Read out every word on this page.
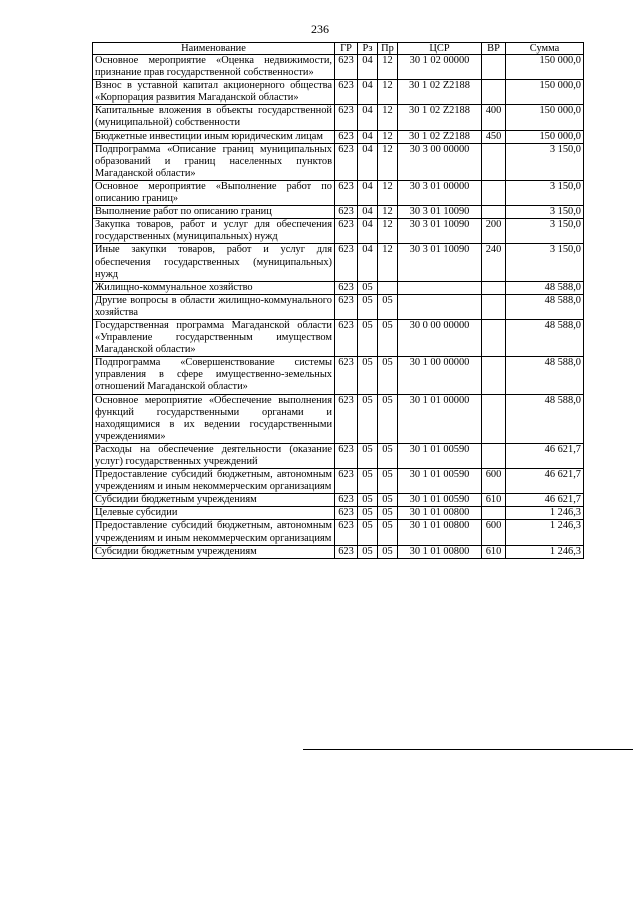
236
Наименование	ГР	Рз	Пр	ЦСР	ВР	Сумма
Основное мероприятие «Оценка недвижимости, признание прав государственной собственности»	623	04	12	30 1 02 00000		150 000,0
Взнос в уставной капитал акционерного общества «Корпорация развития Магаданской области»	623	04	12	30 1 02 Z2188		150 000,0
Капитальные вложения в объекты государственной (муниципальной) собственности	623	04	12	30 1 02 Z2188	400	150 000,0
Бюджетные инвестиции иным юридическим лицам	623	04	12	30 1 02 Z2188	450	150 000,0
Подпрограмма «Описание границ муниципальных образований и границ населенных пунктов Магаданской области»	623	04	12	30 3 00 00000		3 150,0
Основное мероприятие «Выполнение работ по описанию границ»	623	04	12	30 3 01 00000		3 150,0
Выполнение работ по описанию границ	623	04	12	30 3 01 10090		3 150,0
Закупка товаров, работ и услуг для обеспечения государственных (муниципальных) нужд	623	04	12	30 3 01 10090	200	3 150,0
Иные закупки товаров, работ и услуг для обеспечения государственных (муниципальных) нужд	623	04	12	30 3 01 10090	240	3 150,0
Жилищно-коммунальное хозяйство	623	05				48 588,0
Другие вопросы в области жилищно-коммунального хозяйства	623	05	05			48 588,0
Государственная программа Магаданской области «Управление государственным имуществом Магаданской области»	623	05	05	30 0 00 00000		48 588,0
Подпрограмма «Совершенствование системы управления в сфере имущественно-земельных отношений Магаданской области»	623	05	05	30 1 00 00000		48 588,0
Основное мероприятие «Обеспечение выполнения функций государственными органами и находящимися в их ведении государственными учреждениями»	623	05	05	30 1 01 00000		48 588,0
Расходы на обеспечение деятельности (оказание услуг) государственных учреждений	623	05	05	30 1 01 00590		46 621,7
Предоставление субсидий бюджетным, автономным учреждениям и иным некоммерческим организациям	623	05	05	30 1 01 00590	600	46 621,7
Субсидии бюджетным учреждениям	623	05	05	30 1 01 00590	610	46 621,7
Целевые субсидии	623	05	05	30 1 01 00800		1 246,3
Предоставление субсидий бюджетным, автономным учреждениям и иным некоммерческим организациям	623	05	05	30 1 01 00800	600	1 246,3
Субсидии бюджетным учреждениям	623	05	05	30 1 01 00800	610	1 246,3
